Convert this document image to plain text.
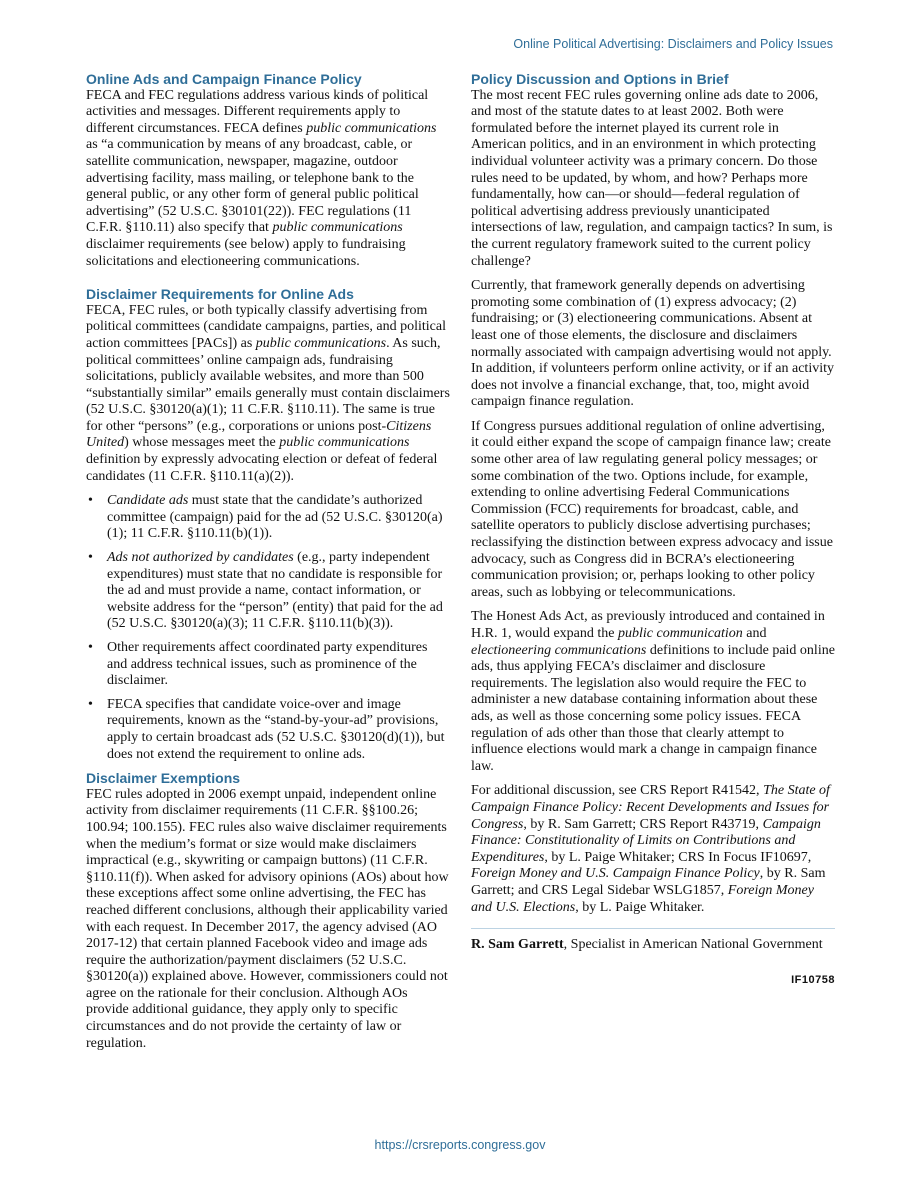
Online Political Advertising: Disclaimers and Policy Issues
Online Ads and Campaign Finance Policy

FECA and FEC regulations address various kinds of political activities and messages. Different requirements apply to different circumstances. FECA defines public communications as “a communication by means of any broadcast, cable, or satellite communication, newspaper, magazine, outdoor advertising facility, mass mailing, or telephone bank to the general public, or any other form of general public political advertising” (52 U.S.C. §30101(22)). FEC regulations (11 C.F.R. §110.11) also specify that public communications disclaimer requirements (see below) apply to fundraising solicitations and electioneering communications.

Disclaimer Requirements for Online Ads

FECA, FEC rules, or both typically classify advertising from political committees (candidate campaigns, parties, and political action committees [PACs]) as public communications. As such, political committees’ online campaign ads, fundraising solicitations, publicly available websites, and more than 500 “substantially similar” emails generally must contain disclaimers (52 U.S.C. §30120(a)(1); 11 C.F.R. §110.11). The same is true for other “persons” (e.g., corporations or unions post-Citizens United) whose messages meet the public communications definition by expressly advocating election or defeat of federal candidates (11 C.F.R. §110.11(a)(2)).

• Candidate ads must state that the candidate’s authorized committee (campaign) paid for the ad (52 U.S.C. §30120(a)(1); 11 C.F.R. §110.11(b)(1)).
• Ads not authorized by candidates (e.g., party independent expenditures) must state that no candidate is responsible for the ad and must provide a name, contact information, or website address for the “person” (entity) that paid for the ad (52 U.S.C. §30120(a)(3); 11 C.F.R. §110.11(b)(3)).
• Other requirements affect coordinated party expenditures and address technical issues, such as prominence of the disclaimer.
• FECA specifies that candidate voice-over and image requirements, known as the “stand-by-your-ad” provisions, apply to certain broadcast ads (52 U.S.C. §30120(d)(1)), but does not extend the requirement to online ads.
Disclaimer Exemptions

FEC rules adopted in 2006 exempt unpaid, independent online activity from disclaimer requirements (11 C.F.R. §§100.26; 100.94; 100.155). FEC rules also waive disclaimer requirements when the medium’s format or size would make disclaimers impractical (e.g., skywriting or campaign buttons) (11 C.F.R. §110.11(f)). When asked for advisory opinions (AOs) about how these exceptions affect some online advertising, the FEC has reached different conclusions, although their applicability varied with each request. In December 2017, the agency advised (AO 2017-12) that certain planned Facebook video and image ads require the authorization/payment disclaimers (52 U.S.C. §30120(a)) explained above. However, commissioners could not agree on the rationale for their conclusion. Although AOs provide additional guidance, they apply only to specific circumstances and do not provide the certainty of law or regulation.

Policy Discussion and Options in Brief

The most recent FEC rules governing online ads date to 2006, and most of the statute dates to at least 2002. Both were formulated before the internet played its current role in American politics, and in an environment in which protecting individual volunteer activity was a primary concern. Do those rules need to be updated, by whom, and how? Perhaps more fundamentally, how can—or should—federal regulation of political advertising address previously unanticipated intersections of law, regulation, and campaign tactics? In sum, is the current regulatory framework suited to the current policy challenge?

Currently, that framework generally depends on advertising promoting some combination of (1) express advocacy; (2) fundraising; or (3) electioneering communications. Absent at least one of those elements, the disclosure and disclaimers normally associated with campaign advertising would not apply. In addition, if volunteers perform online activity, or if an activity does not involve a financial exchange, that, too, might avoid campaign finance regulation.

If Congress pursues additional regulation of online advertising, it could either expand the scope of campaign finance law; create some other area of law regulating general policy messages; or some combination of the two. Options include, for example, extending to online advertising Federal Communications Commission (FCC) requirements for broadcast, cable, and satellite operators to publicly disclose advertising purchases; reclassifying the distinction between express advocacy and issue advocacy, such as Congress did in BCRA’s electioneering communication provision; or, perhaps looking to other policy areas, such as lobbying or telecommunications.

The Honest Ads Act, as previously introduced and contained in H.R. 1, would expand the public communication and electioneering communications definitions to include paid online ads, thus applying FECA’s disclaimer and disclosure requirements. The legislation also would require the FEC to administer a new database containing information about these ads, as well as those concerning some policy issues. FECA regulation of ads other than those that clearly attempt to influence elections would mark a change in campaign finance law.

For additional discussion, see CRS Report R41542, The State of Campaign Finance Policy: Recent Developments and Issues for Congress, by R. Sam Garrett; CRS Report R43719, Campaign Finance: Constitutionality of Limits on Contributions and Expenditures, by L. Paige Whitaker; CRS In Focus IF10697, Foreign Money and U.S. Campaign Finance Policy, by R. Sam Garrett; and CRS Legal Sidebar WSLG1857, Foreign Money and U.S. Elections, by L. Paige Whitaker.

R. Sam Garrett, Specialist in American National Government

IF10758
https://crsreports.congress.gov
